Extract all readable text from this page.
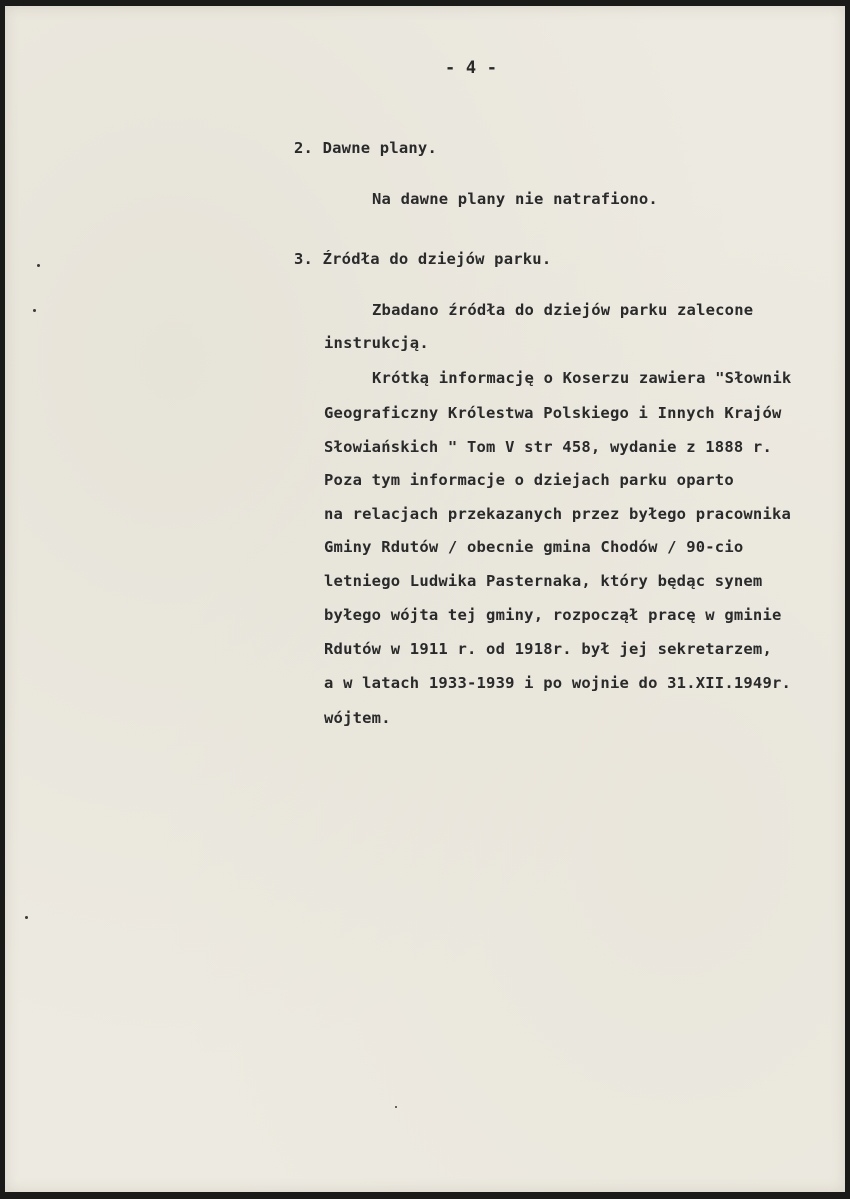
- 4 -
2. Dawne plany.
Na dawne plany nie natrafiono.
3. Źródła do dziejów parku.
Zbadano źródła do dziejów parku zalecone
instrukcją.
Krótką informację o Koserzu zawiera "Słownik
Geograficzny Królestwa Polskiego i Innych Krajów
Słowiańskich " Tom V str 458, wydanie z 1888 r.
Poza tym informacje o dziejach parku oparto
na relacjach przekazanych przez byłego pracownika
Gminy Rdutów / obecnie gmina Chodów / 90-cio
letniego Ludwika Pasternaka, który będąc synem
byłego wójta tej gminy, rozpoczął pracę w gminie
Rdutów w 1911 r. od 1918r. był jej sekretarzem,
a w latach 1933-1939 i po wojnie do 31.XII.1949r.
wójtem.
